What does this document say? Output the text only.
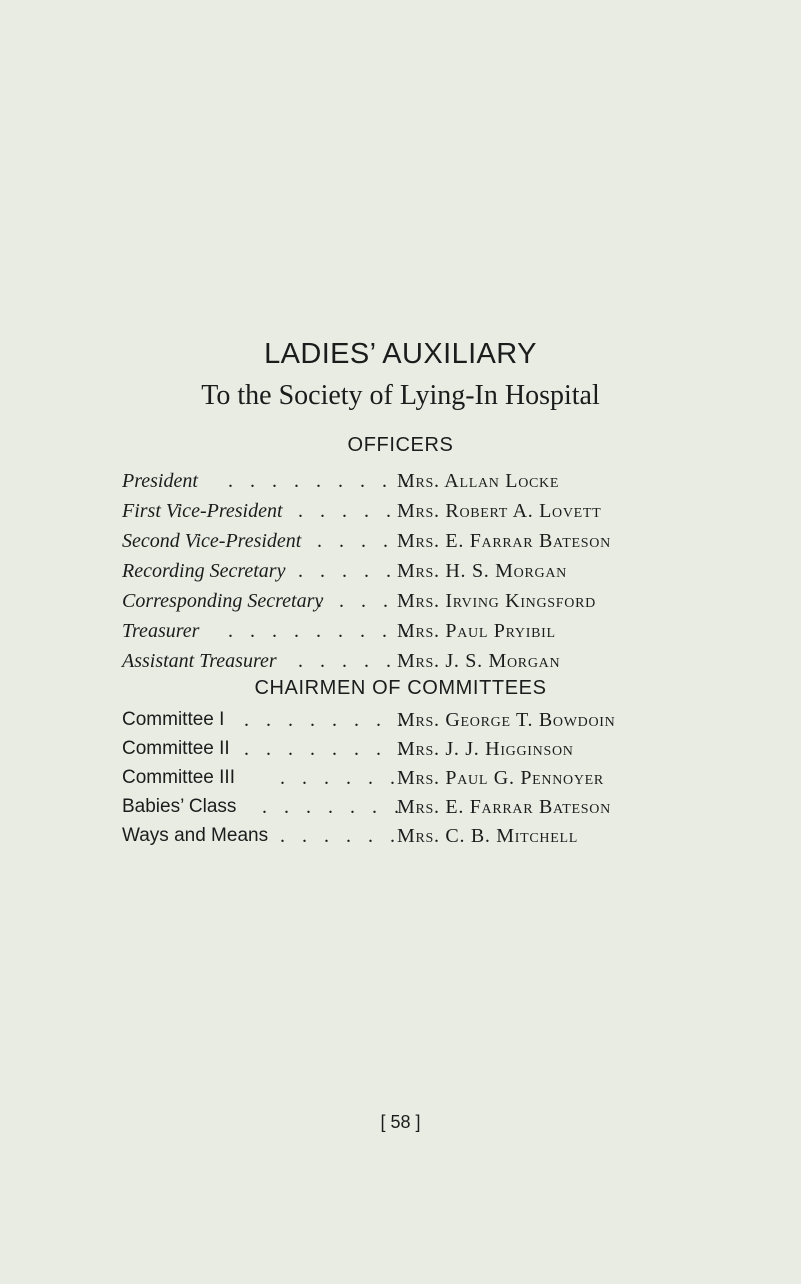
LADIES’ AUXILIARY
To the Society of Lying-In Hospital
OFFICERS
President . . . . . . . . .
Mrs. Allan Locke
First Vice-President . . . . . Mrs. Robert A. Lovett
Second Vice-President . . . . Mrs. E. Farrar Bateson
Recording Secretary . . . . . Mrs. H. S. Morgan
Corresponding Secretary
. . . . Mrs. Irving Kingsford
Treasurer . . . . . . . . .
Mrs. Paul Pryibil
Assistant Treasurer . . . . . Mrs. J. S. Morgan
CHAIRMEN OF COMMITTEES
Committee I . . . . . . . .
Mrs. George T. Bowdoin
Committee II . . . . . . . .
Mrs. J. J. Higginson
Committee III . . . . . .
Mrs. Paul G. Pennoyer
Babies’ Class . . . . . . .
Mrs. E. Farrar Bateson
Ways and Means . . . . . .
Mrs. C. B. Mitchell
[ 58 ]
